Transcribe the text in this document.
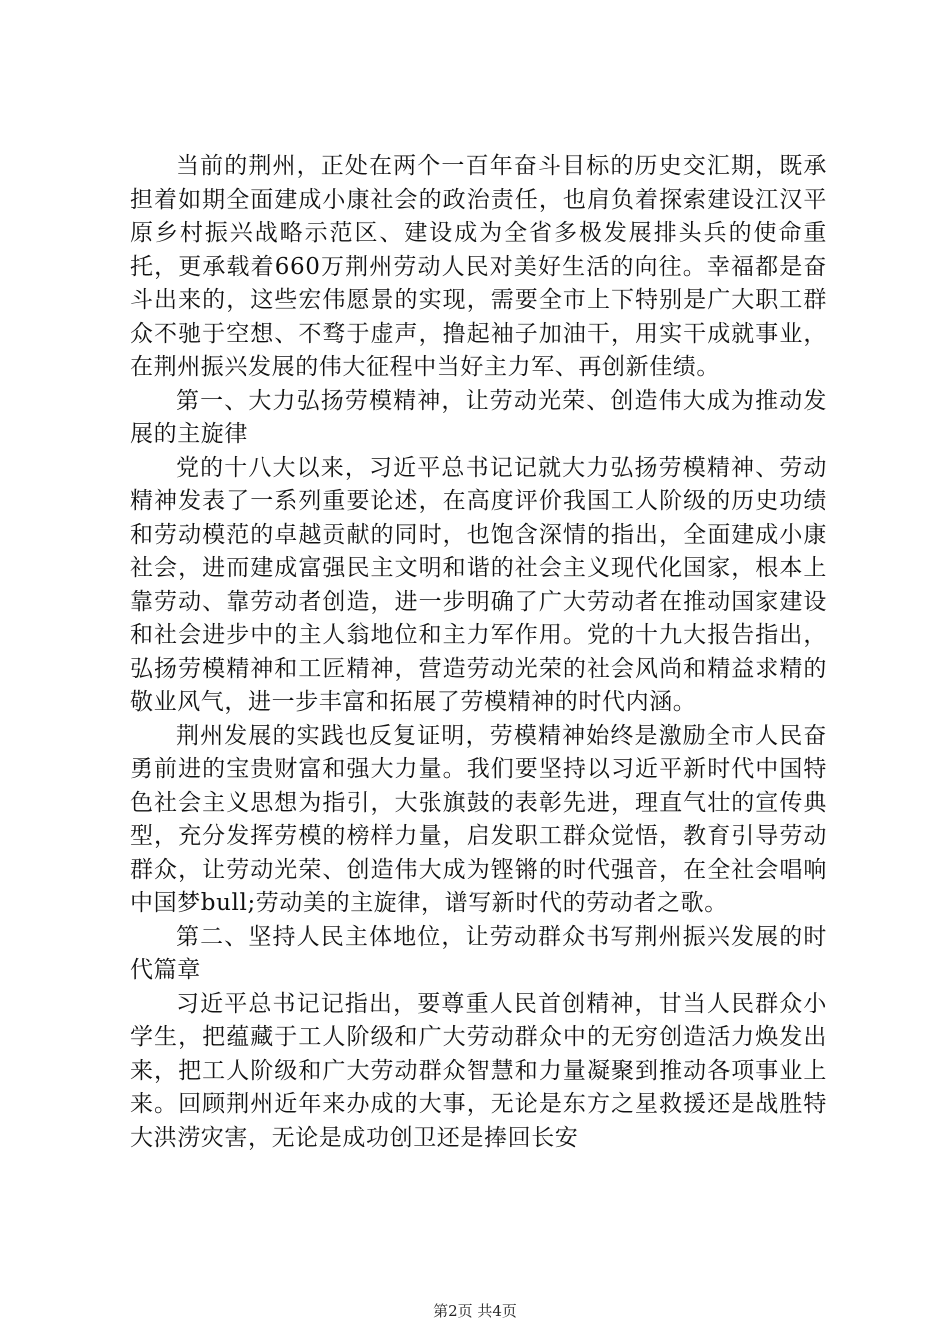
当前的荆州，正处在两个一百年奋斗目标的历史交汇期，既承担着如期全面建成小康社会的政治责任，也肩负着探索建设江汉平原乡村振兴战略示范区、建设成为全省多极发展排头兵的使命重托，更承载着660万荆州劳动人民对美好生活的向往。幸福都是奋斗出来的，这些宏伟愿景的实现，需要全市上下特别是广大职工群众不驰于空想、不骛于虚声，撸起袖子加油干，用实干成就事业，在荆州振兴发展的伟大征程中当好主力军、再创新佳绩。

第一、大力弘扬劳模精神，让劳动光荣、创造伟大成为推动发展的主旋律

党的十八大以来，习近平总书记记就大力弘扬劳模精神、劳动精神发表了一系列重要论述，在高度评价我国工人阶级的历史功绩和劳动模范的卓越贡献的同时，也饱含深情的指出，全面建成小康社会，进而建成富强民主文明和谐的社会主义现代化国家，根本上靠劳动、靠劳动者创造，进一步明确了广大劳动者在推动国家建设和社会进步中的主人翁地位和主力军作用。党的十九大报告指出，弘扬劳模精神和工匠精神，营造劳动光荣的社会风尚和精益求精的敬业风气，进一步丰富和拓展了劳模精神的时代内涵。

荆州发展的实践也反复证明，劳模精神始终是激励全市人民奋勇前进的宝贵财富和强大力量。我们要坚持以习近平新时代中国特色社会主义思想为指引，大张旗鼓的表彰先进，理直气壮的宣传典型，充分发挥劳模的榜样力量，启发职工群众觉悟，教育引导劳动群众，让劳动光荣、创造伟大成为铿锵的时代强音，在全社会唱响中国梦bull;劳动美的主旋律，谱写新时代的劳动者之歌。

第二、坚持人民主体地位，让劳动群众书写荆州振兴发展的时代篇章

习近平总书记记指出，要尊重人民首创精神，甘当人民群众小学生，把蕴藏于工人阶级和广大劳动群众中的无穷创造活力焕发出来，把工人阶级和广大劳动群众智慧和力量凝聚到推动各项事业上来。回顾荆州近年来办成的大事，无论是东方之星救援还是战胜特大洪涝灾害，无论是成功创卫还是捧回长安

第2页 共4页
